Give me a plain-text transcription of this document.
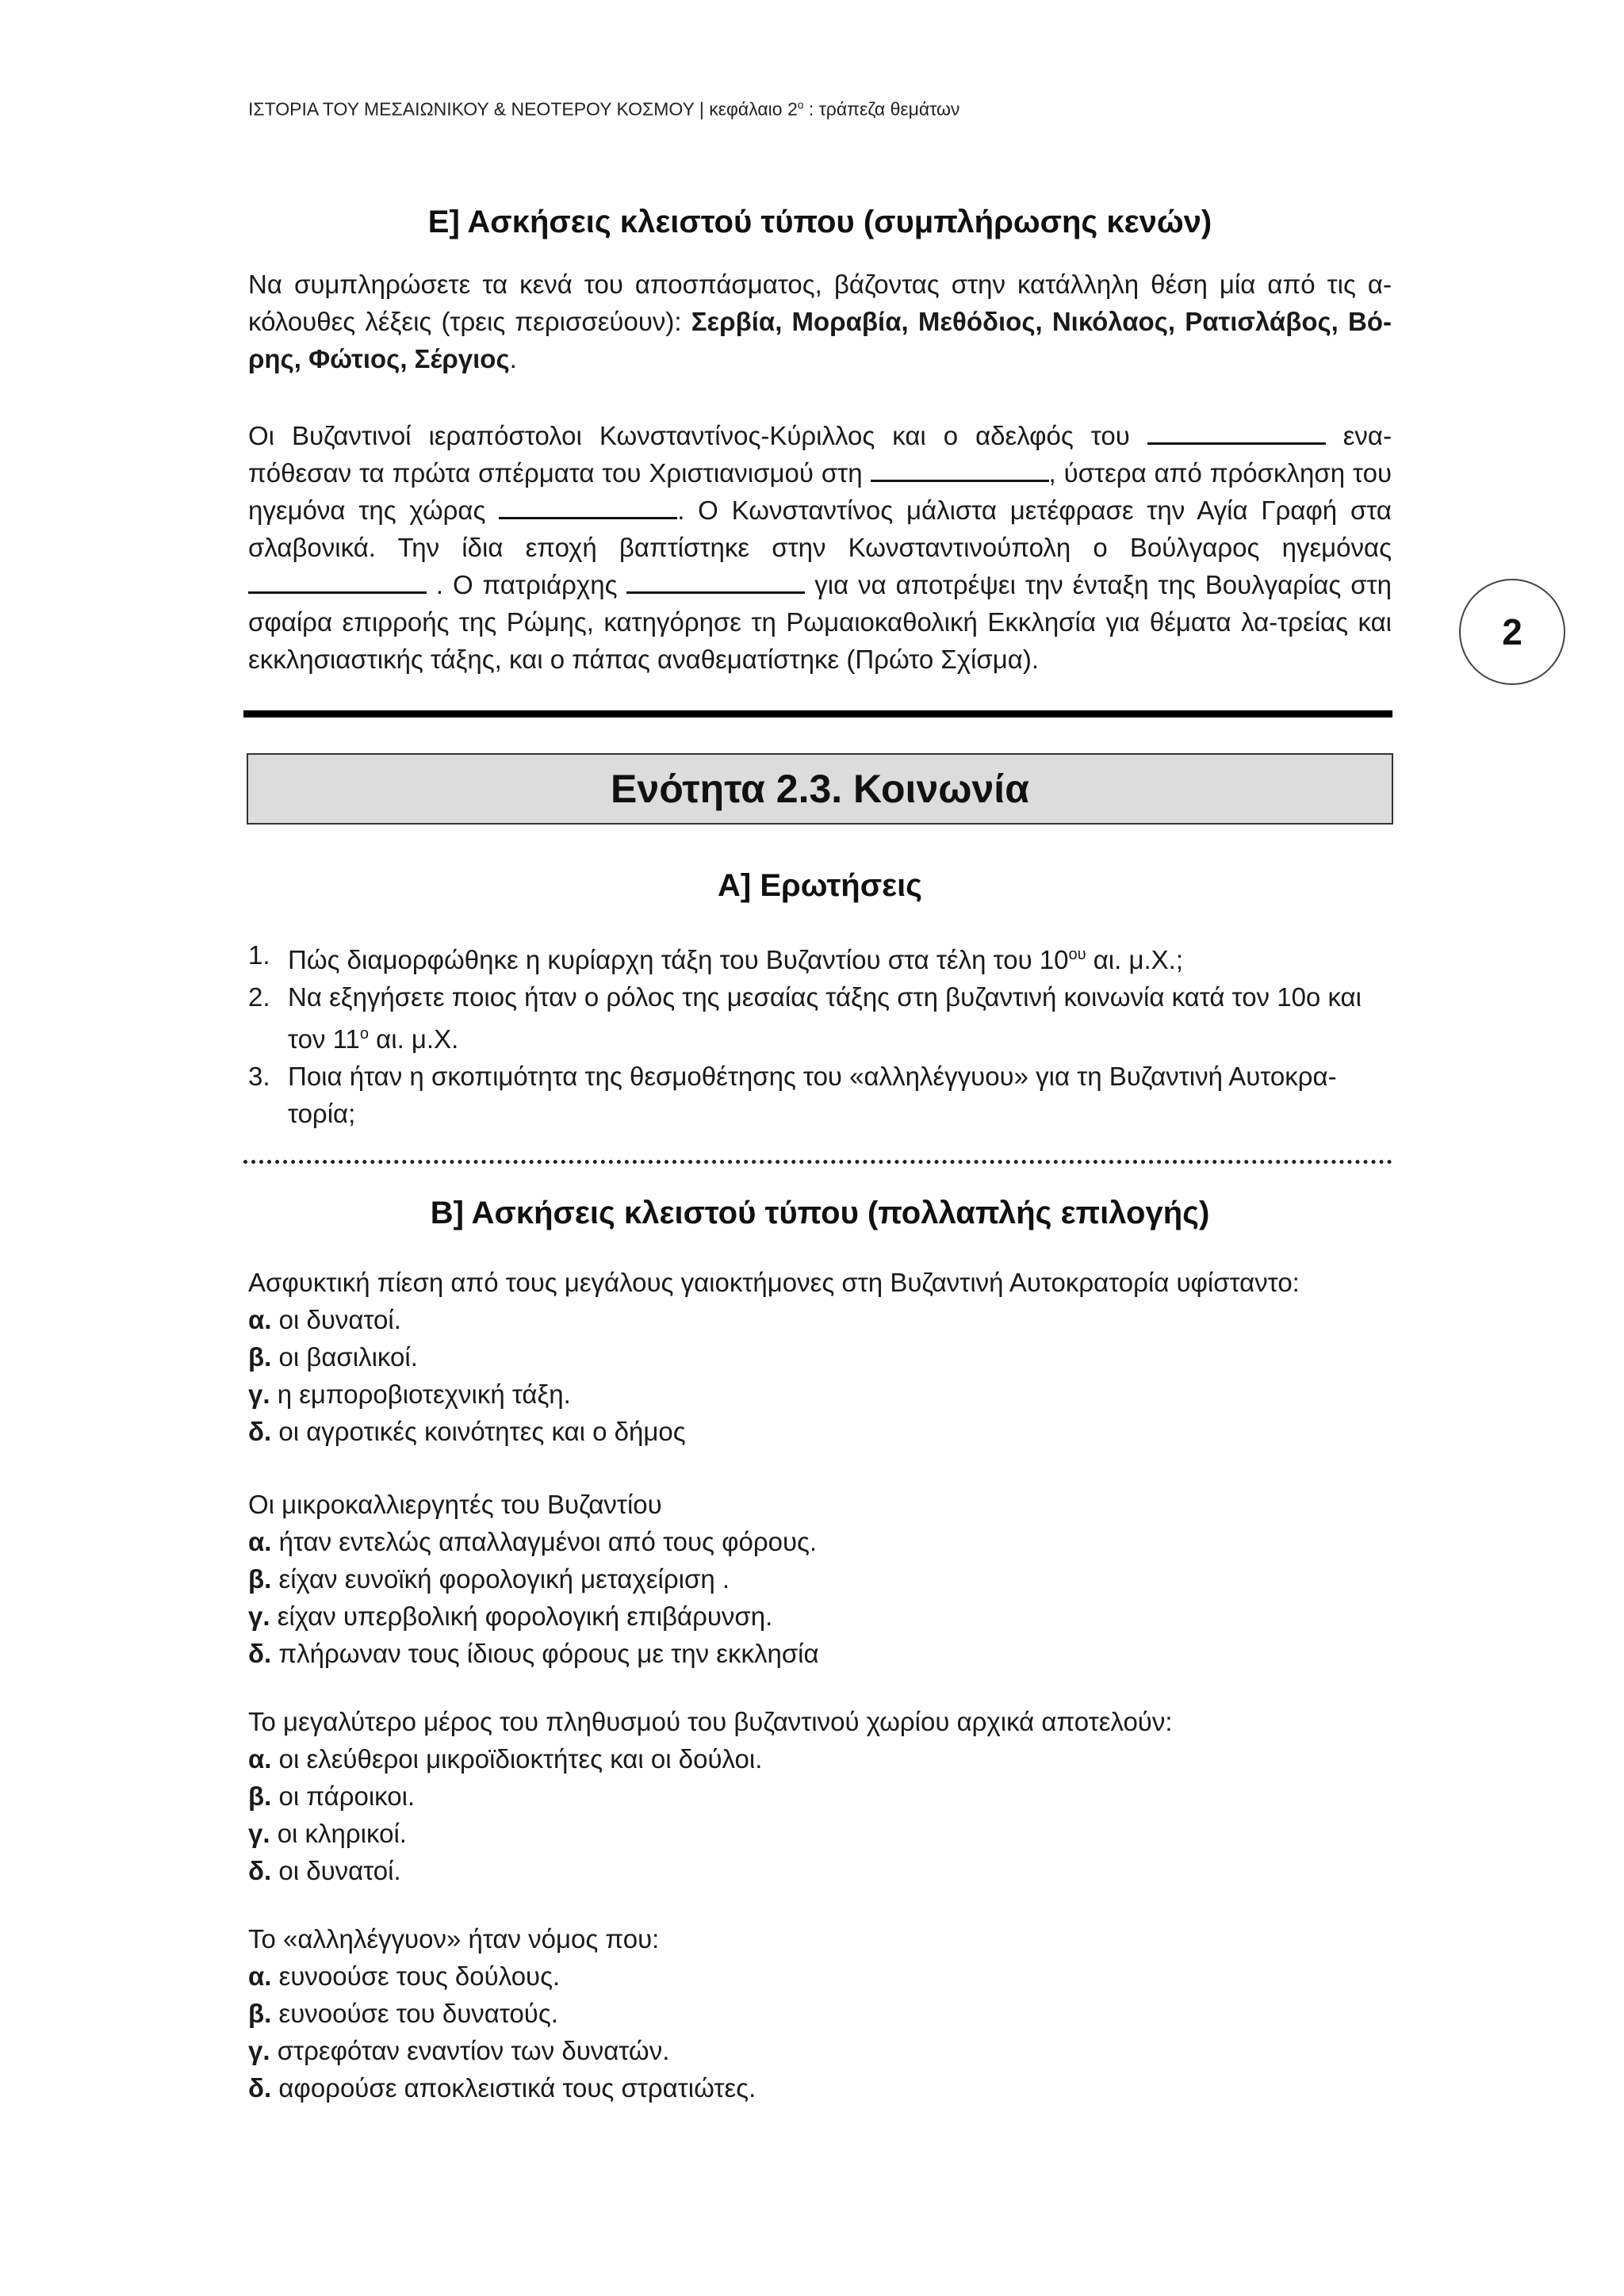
ΙΣΤΟΡΙΑ ΤΟΥ ΜΕΣΑΙΩΝΙΚΟΥ & ΝΕΟΤΕΡΟΥ ΚΟΣΜΟΥ | κεφάλαιο $2^o$ : τράπεζα θεμάτων
2
Ε] Ασκήσεις κλειστού τύπου (συμπλήρωσης κενών)

Να συμπληρώσετε τα κενά του αποσπάσματος, βάζοντας στην κατάλληλη θέση μία από τις α-κόλουθες λέξεις (τρεις περισσεύουν): Σερβία, Μοραβία, Μεθόδιος, Νικόλαος, Ρατισλάβος, Βό-ρης, Φώτιος, Σέργιος.

Οι Βυζαντινοί ιεραπόστολοι Κωνσταντίνος-Κύριλλος και ο αδελφός του	ενα-πόθεσαν τα πρώτα σπέρματα του Χριστιανισμού στη	, ύστερα από πρόσκληση του ηγεμόνα της χώρας	. Ο Κωνσταντίνος μάλιστα μετέφρασε την Αγία Γραφή στα σλαβονικά. Την ίδια εποχή βαπτίστηκε στην Κωνσταντινούπολη ο Βούλγαρος ηγεμόνας  . Ο πατριάρχης	για να αποτρέψει την ένταξη της Βουλγαρίας στη σφαίρα επιρροής της Ρώμης, κατηγόρησε τη Ρωμαιοκαθολική Εκκλησία για θέματα λα-τρείας και εκκλησιαστικής τάξης, και ο πάπας αναθεματίστηκε (Πρώτο Σχίσμα).

Ενότητα 2.3. Κοινωνία
Α] Ερωτήσεις
1. Πώς διαμορφώθηκε η κυρίαρχη τάξη του Βυζαντίου στα τέλη του $10^{o\upsilon}$ αι. μ.Χ.;
2. Να εξηγήσετε ποιος ήταν ο ρόλος της μεσαίας τάξης στη βυζαντινή κοινωνία κατά τον 10ο και τον $11^o$ αι. μ.Χ.
3. Ποια ήταν η σκοπιμότητα της θεσμοθέτησης του «αλληλέγγυου» για τη Βυζαντινή Αυτοκρα-τορία;
Β] Ασκήσεις κλειστού τύπου (πολλαπλής επιλογής)

Ασφυκτική πίεση από τους μεγάλους γαιοκτήμονες στη Βυζαντινή Αυτοκρατορία υφίσταντο:
α. οι δυνατοί.
β. οι βασιλικοί.
γ. η εμποροβιοτεχνική τάξη.
δ. οι αγροτικές κοινότητες και ο δήμος

Οι μικροκαλλιεργητές του Βυζαντίου
α. ήταν εντελώς απαλλαγμένοι από τους φόρους.
β. είχαν ευνοϊκή φορολογική μεταχείριση .
γ. είχαν υπερβολική φορολογική επιβάρυνση.
δ. πλήρωναν τους ίδιους φόρους με την εκκλησία

Το μεγαλύτερο μέρος του πληθυσμού του βυζαντινού χωρίου αρχικά αποτελούν:
α. οι ελεύθεροι μικροϊδιοκτήτες και οι δούλοι.
β. οι πάροικοι.
γ. οι κληρικοί.
δ. οι δυνατοί.

Το «αλληλέγγυον» ήταν νόμος που:
α. ευνοούσε τους δούλους.
β. ευνοούσε του δυνατούς.
γ. στρεφόταν εναντίον των δυνατών.
δ. αφορούσε αποκλειστικά τους στρατιώτες.
